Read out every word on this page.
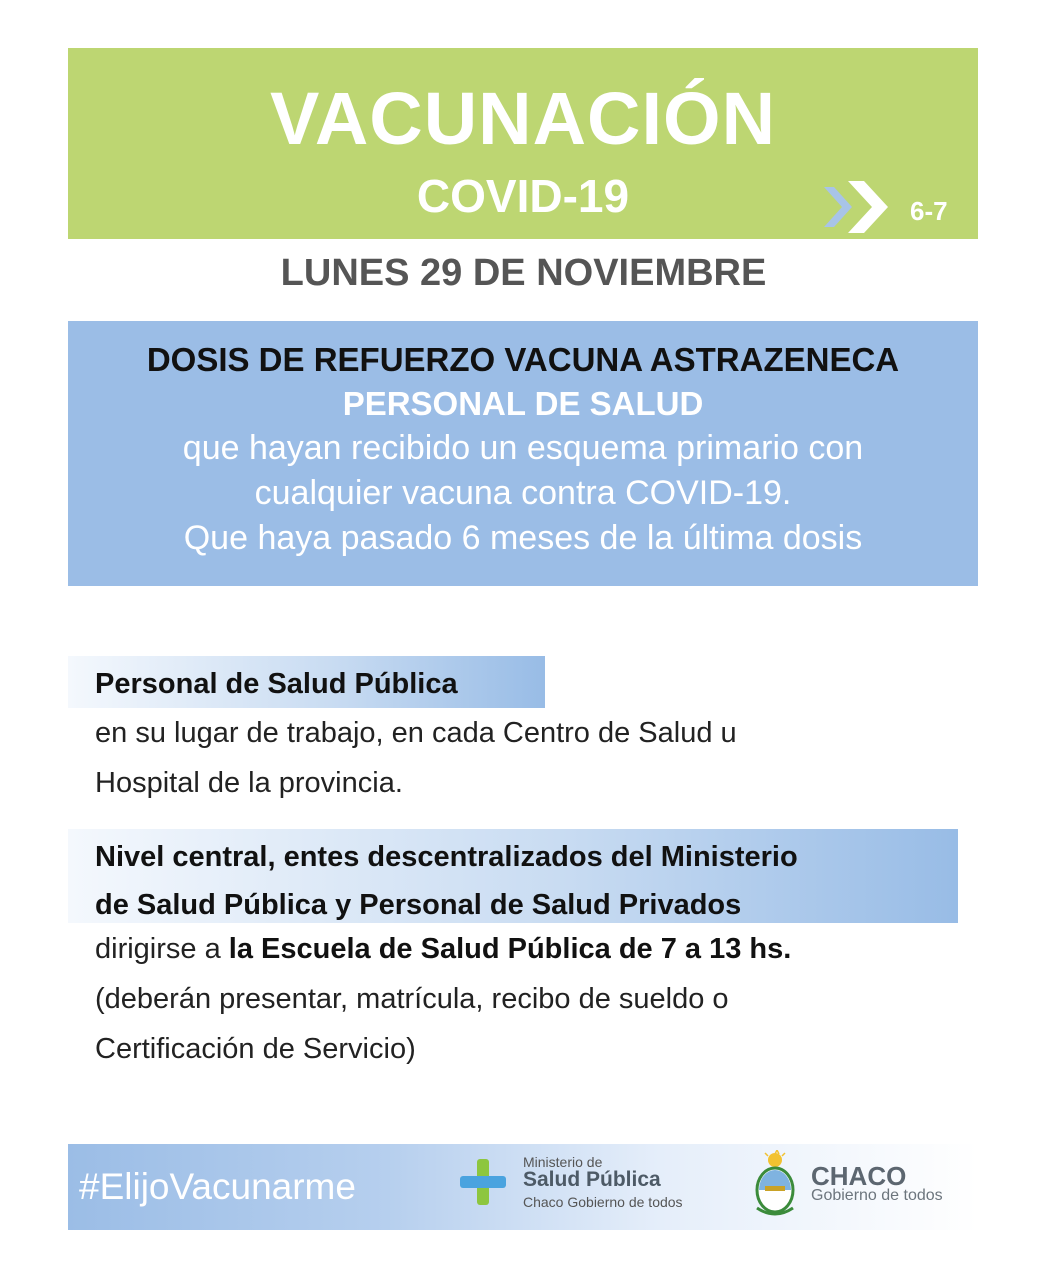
VACUNACIÓN
COVID-19	6-7
LUNES 29 DE NOVIEMBRE
DOSIS DE REFUERZO VACUNA ASTRAZENECA
PERSONAL DE SALUD
que hayan recibido un esquema primario con
cualquier vacuna contra COVID-19.
Que haya pasado 6 meses de la última dosis
Personal de Salud Pública
en su lugar de trabajo, en cada Centro de Salud u
Hospital de la provincia.
Nivel central, entes descentralizados del Ministerio
de Salud Pública y Personal de Salud Privados
dirigirse a la Escuela de Salud Pública de 7 a 13 hs.
(deberán presentar, matrícula, recibo de sueldo o
Certificación de Servicio)
#ElijoVacunarme
Ministerio de
Salud Pública
Chaco Gobierno de todos
CHACO
Gobierno de todos
